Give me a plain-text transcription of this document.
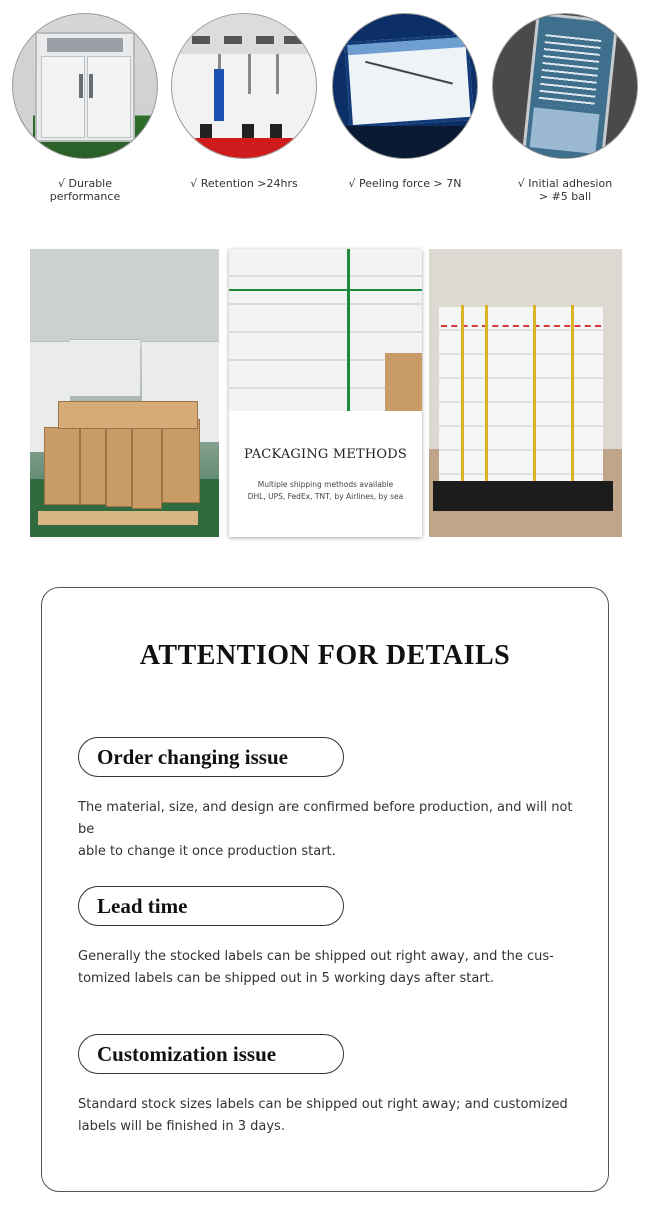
√ Durable
performance
√ Retention >24hrs	√ Peeling force > 7N	√ Initial adhesion
> #5 ball
PACKAGING METHODS
Multiple shipping methods available
DHL, UPS, FedEx, TNT, by Airlines, by sea
ATTENTION FOR DETAILS
Order changing issue
The material, size, and design are confirmed before production, and will not be
able to change it once production start.
Lead time
Generally the stocked labels can be shipped out right away, and the cus-
tomized labels can be shipped out in 5 working days after start.
Customization issue
Standard stock sizes labels can be shipped out right away; and customized
labels will be finished in 3 days.
